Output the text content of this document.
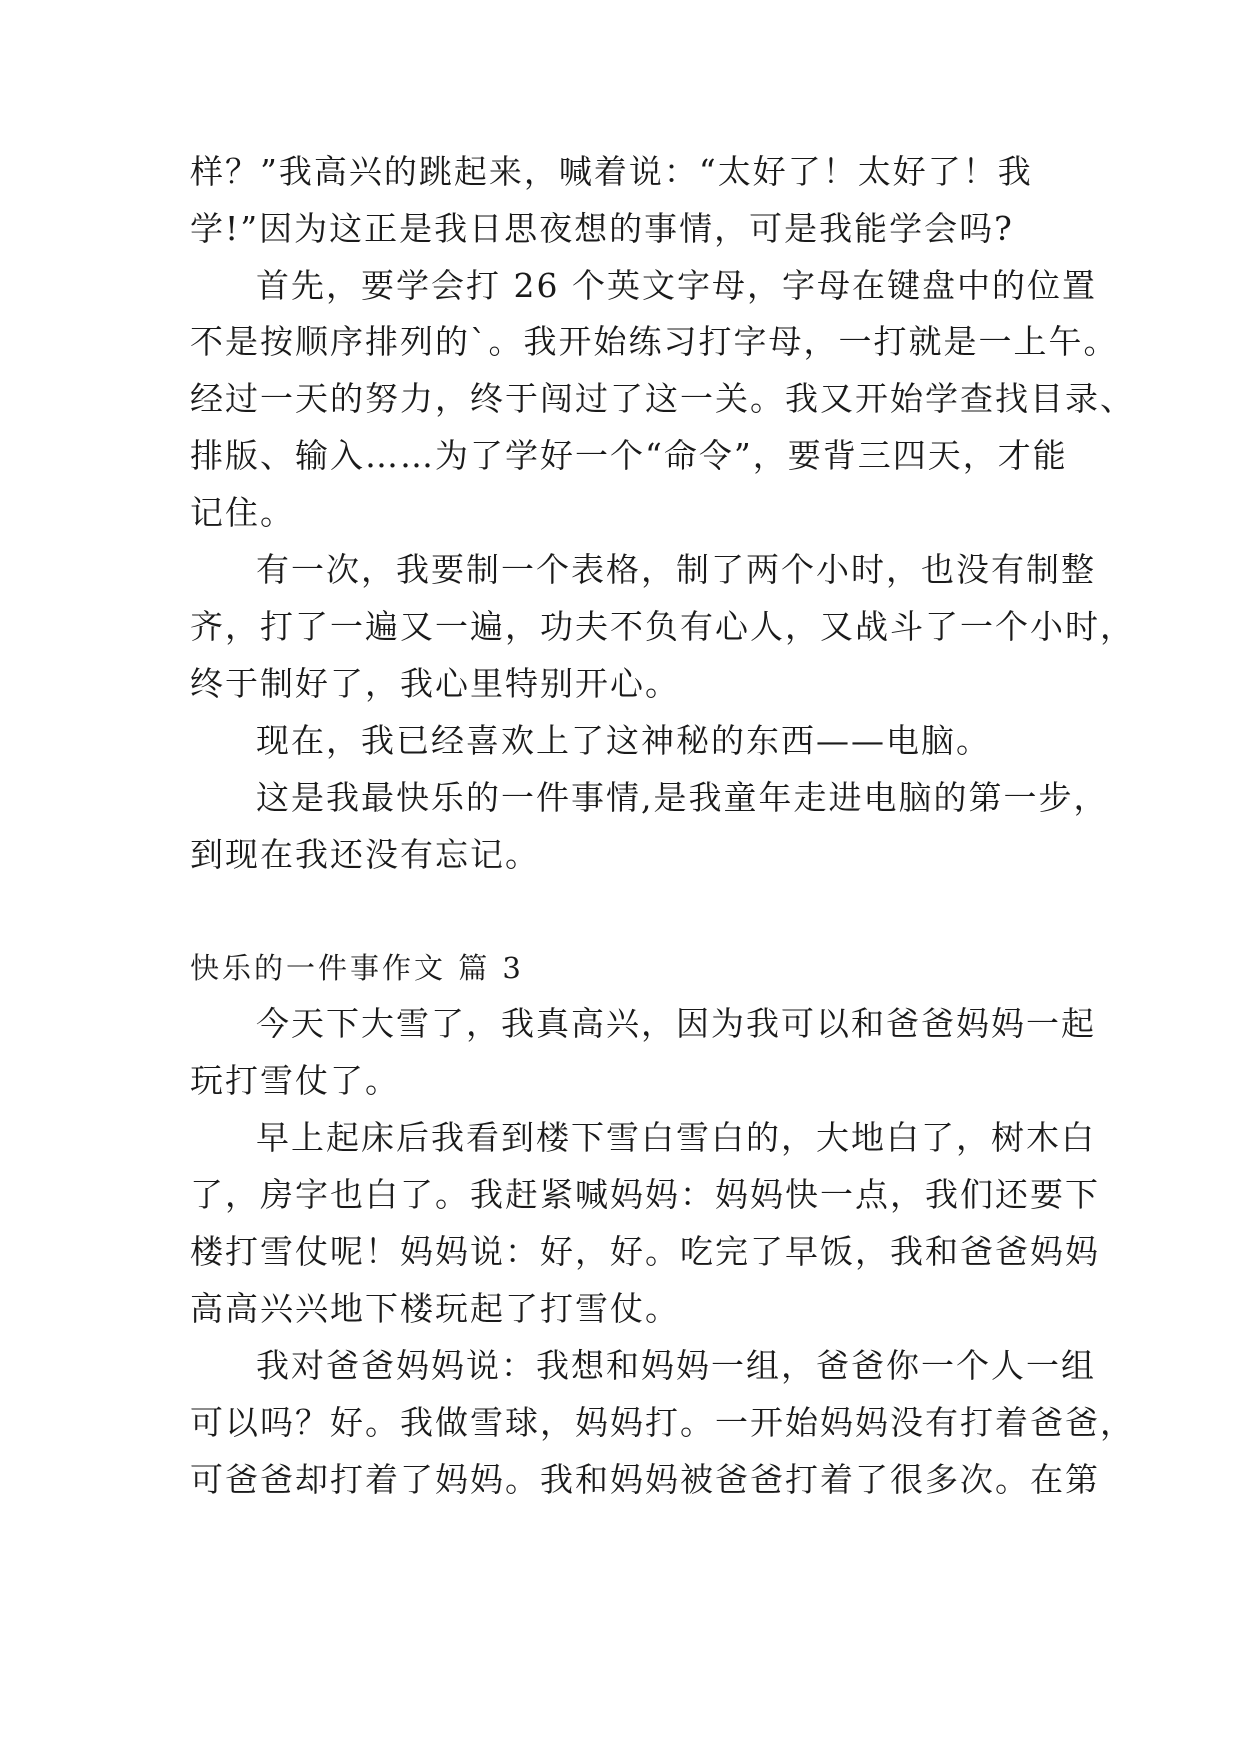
样？”我高兴的跳起来，喊着说：“太好了！太好了！我
学!”因为这正是我日思夜想的事情，可是我能学会吗?
首先，要学会打 26 个英文字母，字母在键盘中的位置
不是按顺序排列的`。我开始练习打字母，一打就是一上午。
经过一天的努力，终于闯过了这一关。我又开始学查找目录、
排版、输入……为了学好一个“命令”，要背三四天，才能
记住。
有一次，我要制一个表格，制了两个小时，也没有制整
齐，打了一遍又一遍，功夫不负有心人，又战斗了一个小时，
终于制好了，我心里特别开心。
现在，我已经喜欢上了这神秘的东西——电脑。
这是我最快乐的一件事情,是我童年走进电脑的第一步，
到现在我还没有忘记。
快乐的一件事作文 篇 3
今天下大雪了，我真高兴，因为我可以和爸爸妈妈一起
玩打雪仗了。
早上起床后我看到楼下雪白雪白的，大地白了，树木白
了，房字也白了。我赶紧喊妈妈：妈妈快一点，我们还要下
楼打雪仗呢！妈妈说：好，好。吃完了早饭，我和爸爸妈妈
高高兴兴地下楼玩起了打雪仗。
我对爸爸妈妈说：我想和妈妈一组，爸爸你一个人一组
可以吗？好。我做雪球，妈妈打。一开始妈妈没有打着爸爸，
可爸爸却打着了妈妈。我和妈妈被爸爸打着了很多次。在第
